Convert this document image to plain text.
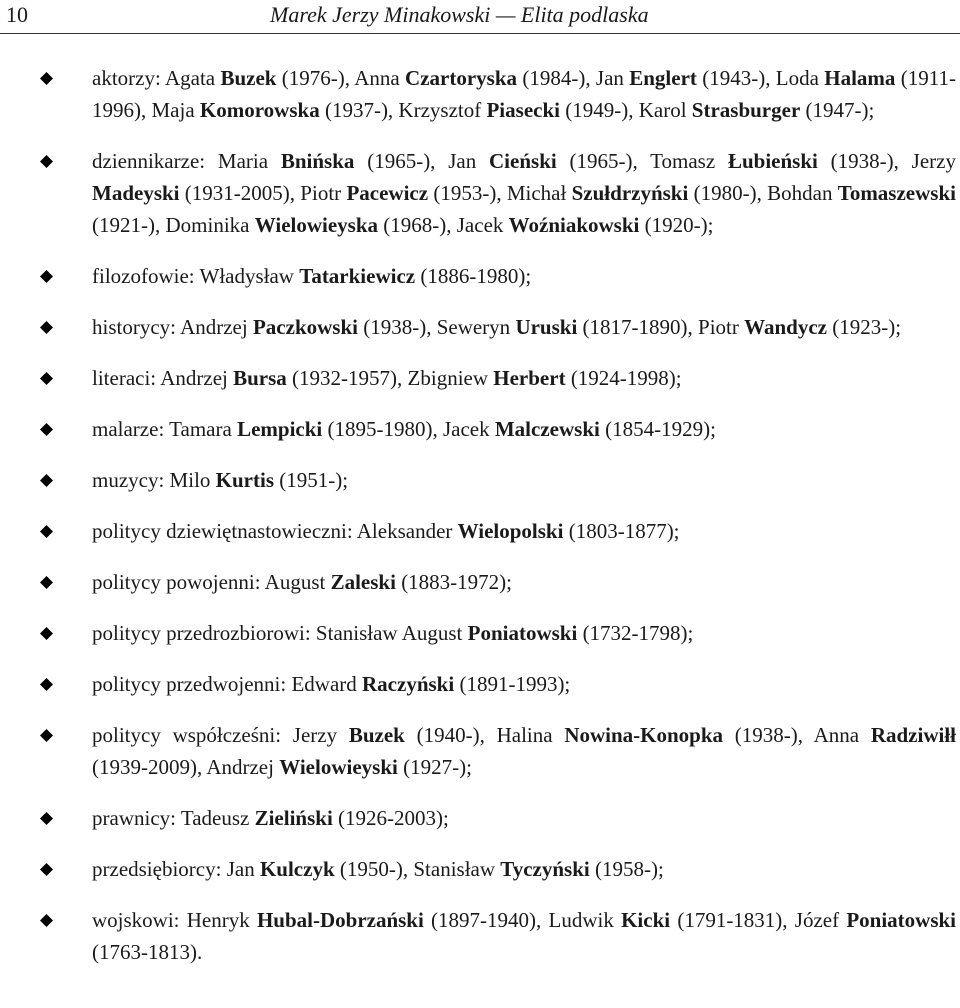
10	Marek Jerzy Minakowski — Elita podlaska
aktorzy: Agata Buzek (1976-), Anna Czartoryska (1984-), Jan Englert (1943-), Loda Halama (1911-1996), Maja Komorowska (1937-), Krzysztof Piasecki (1949-), Karol Strasburger (1947-);
dziennikarze: Maria Bnińska (1965-), Jan Cieński (1965-), Tomasz Łubieński (1938-), Jerzy Madeyski (1931-2005), Piotr Pacewicz (1953-), Michał Szułdrzyński (1980-), Bohdan Tomaszewski (1921-), Dominika Wielowieyska (1968-), Jacek Woźniakowski (1920-);
filozofowie: Władysław Tatarkiewicz (1886-1980);
historycy: Andrzej Paczkowski (1938-), Seweryn Uruski (1817-1890), Piotr Wandycz (1923-);
literaci: Andrzej Bursa (1932-1957), Zbigniew Herbert (1924-1998);
malarze: Tamara Lempicki (1895-1980), Jacek Malczewski (1854-1929);
muzycy: Milo Kurtis (1951-);
politycy dziewiętnastowieczni: Aleksander Wielopolski (1803-1877);
politycy powojenni: August Zaleski (1883-1972);
politycy przedrozbiorowi: Stanisław August Poniatowski (1732-1798);
politycy przedwojenni: Edward Raczyński (1891-1993);
politycy współcześni: Jerzy Buzek (1940-), Halina Nowina-Konopka (1938-), Anna Radziwiłł (1939-2009), Andrzej Wielowieyski (1927-);
prawnicy: Tadeusz Zieliński (1926-2003);
przedsiębiorcy: Jan Kulczyk (1950-), Stanisław Tyczyński (1958-);
wojskowi: Henryk Hubal-Dobrzański (1897-1940), Ludwik Kicki (1791-1831), Józef Poniatowski (1763-1813).
